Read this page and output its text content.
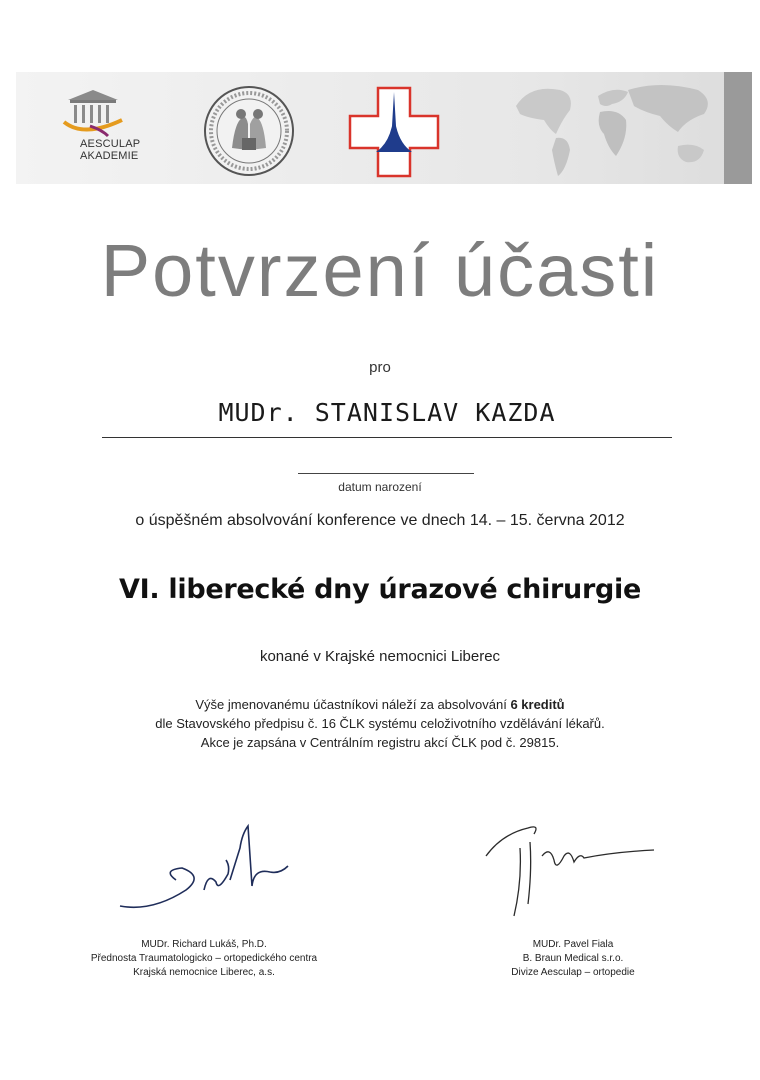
AESCULAP
AKADEMIE
Potvrzení účasti
pro
MUDr. STANISLAV KAZDA
datum narození
o úspěšném absolvování konference ve dnech 14. – 15. června 2012
VI. liberecké dny úrazové chirurgie
konané v Krajské nemocnici Liberec
Výše jmenovanému účastníkovi náleží za absolvování 6 kreditů
dle Stavovského předpisu č. 16 ČLK systému celoživotního vzdělávání lékařů.
Akce je zapsána v Centrálním registru akcí ČLK pod č. 29815.
MUDr. Richard Lukáš, Ph.D.
Přednosta Traumatologicko – ortopedického centra
Krajská nemocnice Liberec, a.s.
MUDr. Pavel Fiala
B. Braun Medical s.r.o.
Divize Aesculap – ortopedie
